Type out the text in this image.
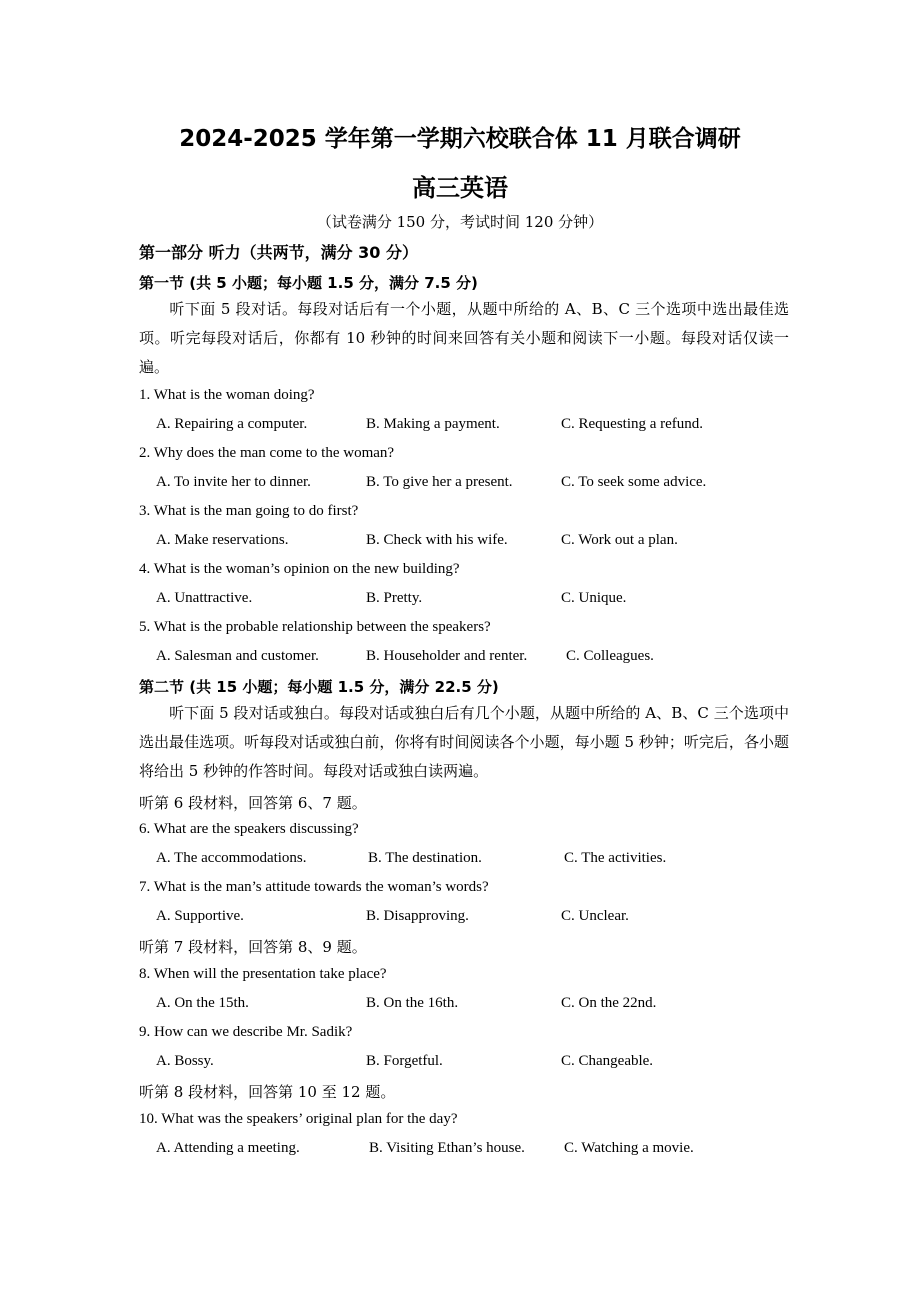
2024-2025 学年第一学期六校联合体 11 月联合调研
高三英语
（试卷满分 150 分，考试时间 120 分钟）
第一部分 听力（共两节，满分 30 分）
第一节 (共 5 小题；每小题 1.5 分，满分 7.5 分)
听下面 5 段对话。每段对话后有一个小题，从题中所给的 A、B、C 三个选项中选出最佳选项。听完每段对话后，你都有 10 秒钟的时间来回答有关小题和阅读下一小题。每段对话仅读一遍。
1. What is the woman doing?
A. Repairing a computer.	B. Making a payment.	C. Requesting a refund.
2. Why does the man come to the woman?
A. To invite her to dinner.	B. To give her a present.	C. To seek some advice.
3. What is the man going to do first?
A. Make reservations.	B. Check with his wife.	C. Work out a plan.
4. What is the woman’s opinion on the new building?
A. Unattractive.	B. Pretty.	C. Unique.
5. What is the probable relationship between the speakers?
A. Salesman and customer.	B. Householder and renter.	C. Colleagues.
第二节 (共 15 小题；每小题 1.5 分，满分 22.5 分)
听下面 5 段对话或独白。每段对话或独白后有几个小题，从题中所给的 A、B、C 三个选项中选出最佳选项。听每段对话或独白前，你将有时间阅读各个小题，每小题 5 秒钟；听完后，各小题将给出 5 秒钟的作答时间。每段对话或独白读两遍。
听第 6 段材料，回答第 6、7 题。
6. What are the speakers discussing?
A. The accommodations.	B. The destination.	C. The activities.
7. What is the man’s attitude towards the woman’s words?
A. Supportive.	B. Disapproving.	C. Unclear.
听第 7 段材料，回答第 8、9 题。
8. When will the presentation take place?
A. On the 15th.	B. On the 16th.	C. On the 22nd.
9. How can we describe Mr. Sadik?
A. Bossy.	B. Forgetful.	C. Changeable.
听第 8 段材料，回答第 10 至 12 题。
10. What was the speakers’ original plan for the day?
A. Attending a meeting.	B. Visiting Ethan’s house.	C. Watching a movie.
